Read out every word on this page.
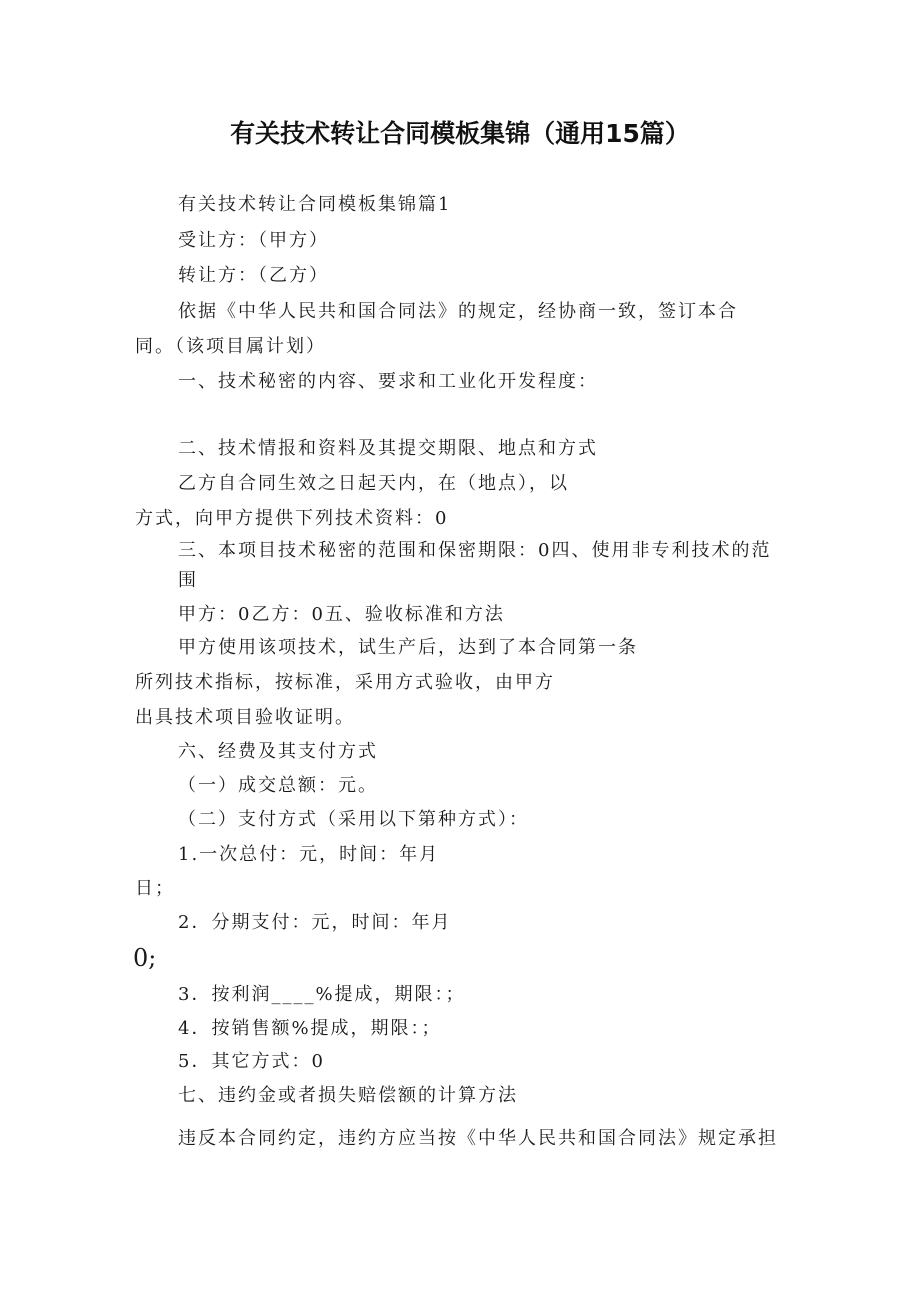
有关技术转让合同模板集锦（通用15篇）
有关技术转让合同模板集锦篇1
受让方：（甲方）
转让方：（乙方）
依据《中华人民共和国合同法》的规定，经协商一致，签订本合
同。（该项目属计划）
一、技术秘密的内容、要求和工业化开发程度：
二、技术情报和资料及其提交期限、地点和方式
乙方自合同生效之日起天内，在（地点），以
方式，向甲方提供下列技术资料：0
三、本项目技术秘密的范围和保密期限：0四、使用非专利技术的范
围
甲方：0乙方：0五、验收标准和方法
甲方使用该项技术，试生产后，达到了本合同第一条
所列技术指标，按标准，采用方式验收，由甲方
出具技术项目验收证明。
六、经费及其支付方式
（一）成交总额：元。
（二）支付方式（采用以下第种方式）：
1.一次总付：元，时间：年月
日；
2．分期支付：元，时间：年月
0;
3．按利润____%提成，期限：；
4．按销售额%提成，期限：；
5．其它方式：0
七、违约金或者损失赔偿额的计算方法
违反本合同约定，违约方应当按《中华人民共和国合同法》规定承担
